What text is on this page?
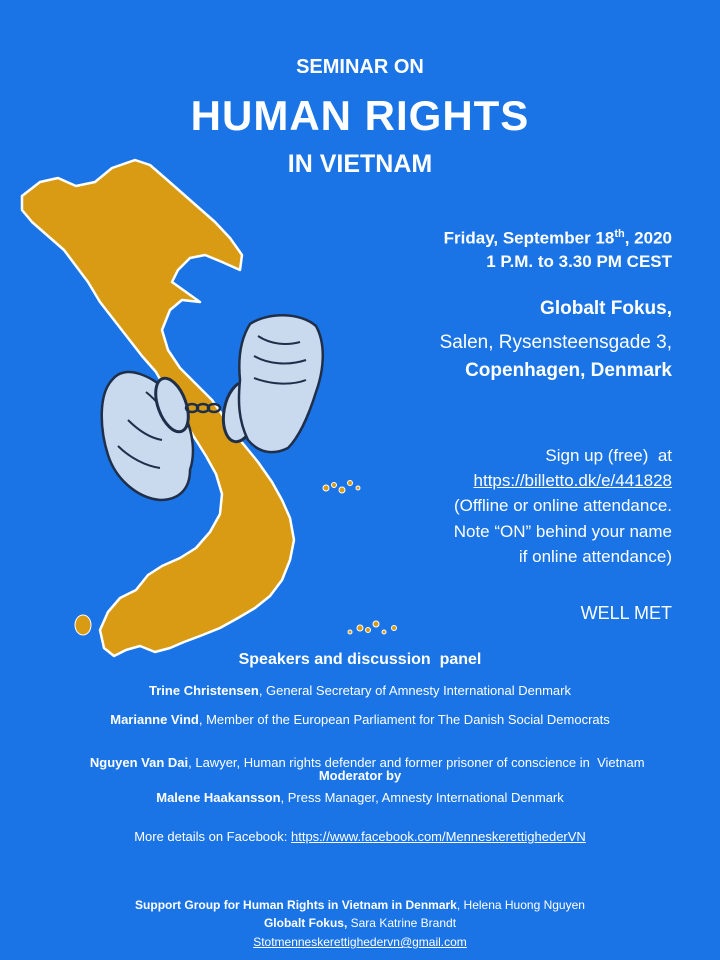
SEMINAR ON
HUMAN RIGHTS
IN VIETNAM
Friday, September 18th, 2020
1 P.M. to 3.30 PM CEST
Globalt Fokus,
Salen, Rysensteensgade 3,
Copenhagen, Denmark
Sign up (free)  at
https://billetto.dk/e/441828
(Offline or online attendance.
Note “ON” behind your name
if online attendance)
WELL MET
Speakers and discussion  panel
Trine Christensen, General Secretary of Amnesty International Denmark
Marianne Vind, Member of the European Parliament for The Danish Social Democrats

Nguyen Van Dai, Lawyer, Human rights defender and former prisoner of conscience in  Vietnam

Moderator by
Malene Haakansson, Press Manager, Amnesty International Denmark
More details on Facebook: https://www.facebook.com/MenneskerettighederVN
Support Group for Human Rights in Vietnam in Denmark, Helena Huong Nguyen
Globalt Fokus, Sara Katrine Brandt
Stotmenneskerettighedervn@gmail.com
